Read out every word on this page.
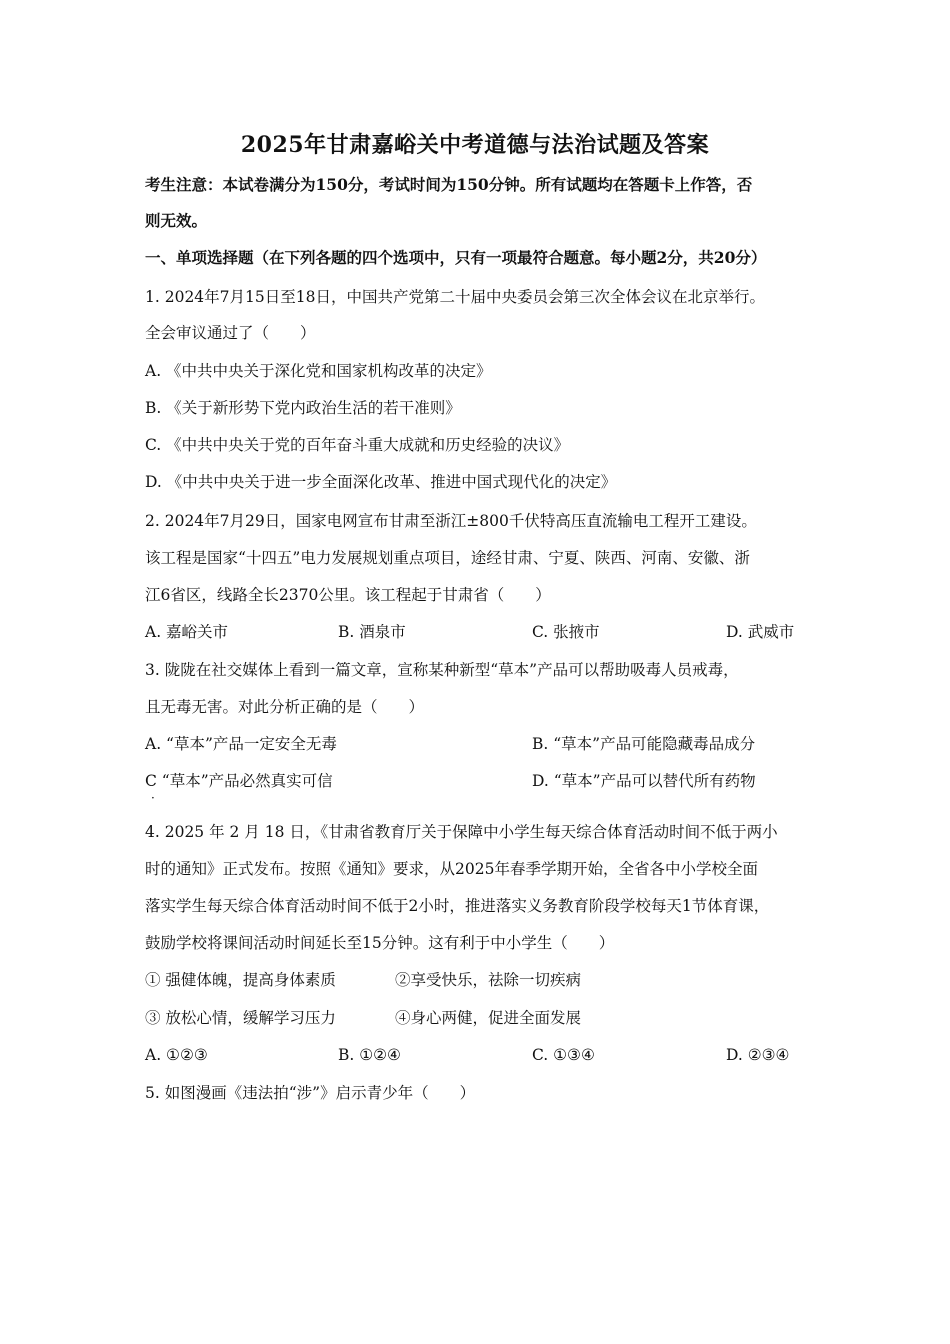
2025年甘肃嘉峪关中考道德与法治试题及答案
考生注意：本试卷满分为150分，考试时间为150分钟。所有试题均在答题卡上作答，否
则无效。
一、单项选择题（在下列各题的四个选项中，只有一项最符合题意。每小题2分，共20分）
1. 2024年7月15日至18日，中国共产党第二十届中央委员会第三次全体会议在北京举行。
全会审议通过了（　　）
A. 《中共中央关于深化党和国家机构改革的决定》
B. 《关于新形势下党内政治生活的若干准则》
C. 《中共中央关于党的百年奋斗重大成就和历史经验的决议》
D. 《中共中央关于进一步全面深化改革、推进中国式现代化的决定》
2. 2024年7月29日，国家电网宣布甘肃至浙江±800千伏特高压直流输电工程开工建设。
该工程是国家“十四五”电力发展规划重点项目，途经甘肃、宁夏、陕西、河南、安徽、浙
江6省区，线路全长2370公里。该工程起于甘肃省（　　）
A. 嘉峪关市	B. 酒泉市	C. 张掖市	D. 武威市
3. 陇陇在社交媒体上看到一篇文章，宣称某种新型“草本”产品可以帮助吸毒人员戒毒，
且无毒无害。对此分析正确的是（　　）
A. “草本”产品一定安全无毒	B. “草本”产品可能隐藏毒品成分
C “草本”产品必然真实可信	D. “草本”产品可以替代所有药物
·
4. 2025 年 2 月 18 日，《甘肃省教育厅关于保障中小学生每天综合体育活动时间不低于两小
时的通知》正式发布。按照《通知》要求，从2025年春季学期开始，全省各中小学校全面
落实学生每天综合体育活动时间不低于2小时，推进落实义务教育阶段学校每天1节体育课，
鼓励学校将课间活动时间延长至15分钟。这有利于中小学生（　　）
① 强健体魄，提高身体素质	②享受快乐，祛除一切疾病
③ 放松心情，缓解学习压力	④身心两健，促进全面发展
A. ①②③	B. ①②④	C. ①③④	D. ②③④
5. 如图漫画《违法拍“涉”》启示青少年（　　）
